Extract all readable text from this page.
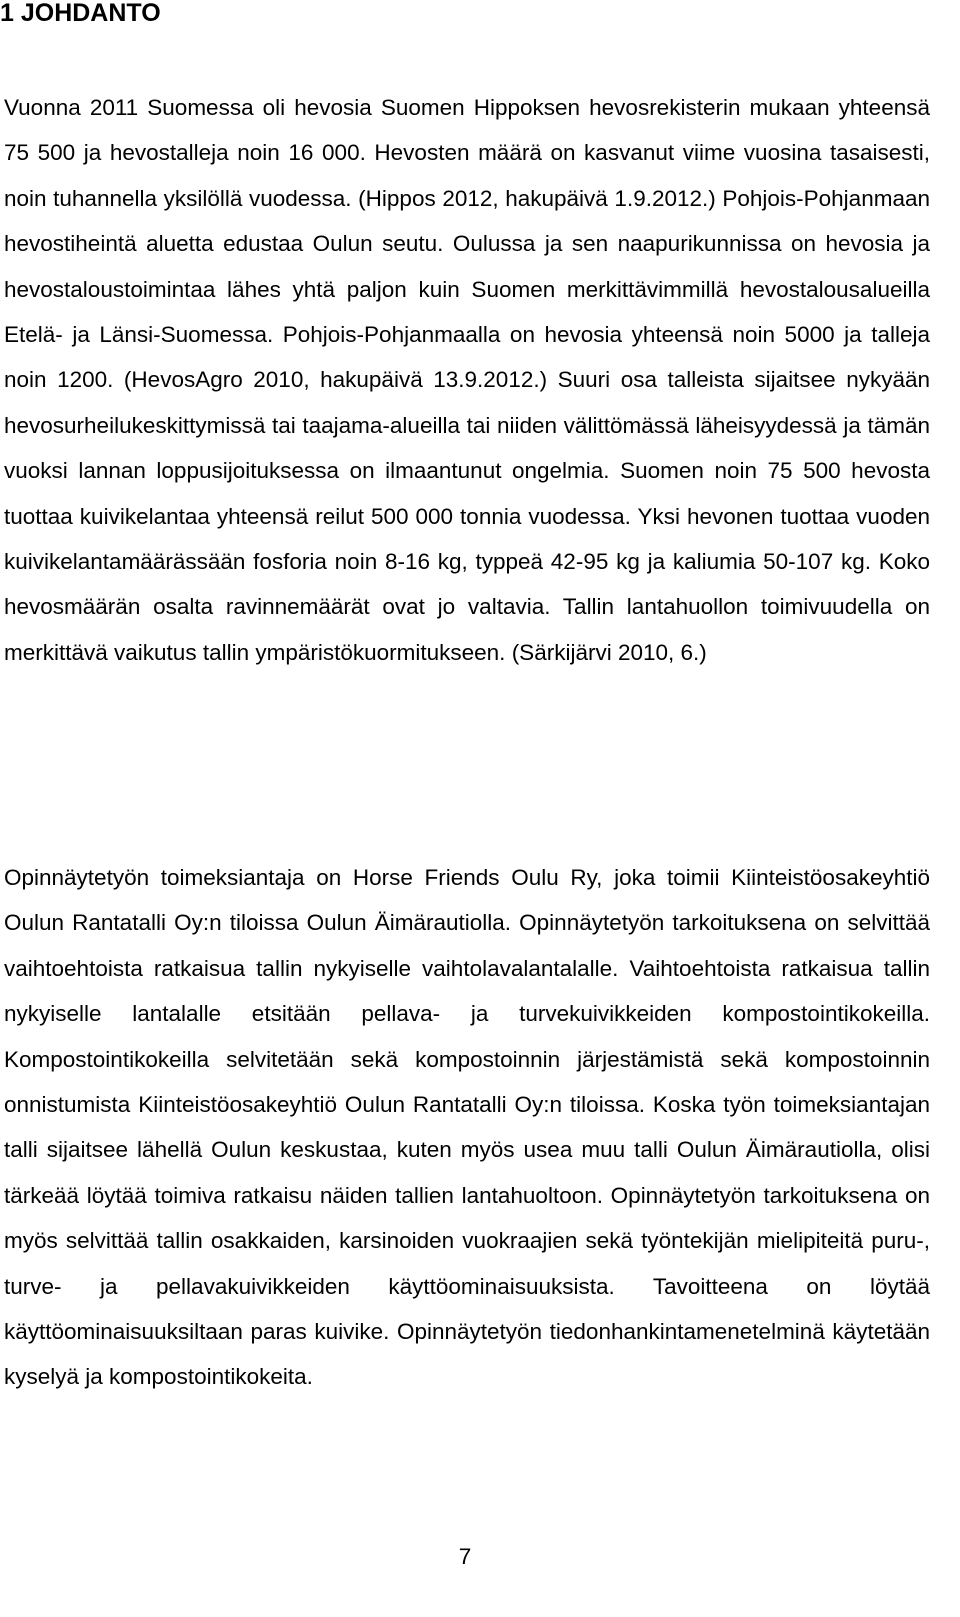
1 JOHDANTO

Vuonna 2011 Suomessa oli hevosia Suomen Hippoksen hevosrekisterin mukaan yhteensä 75 500 ja hevostalleja noin 16 000. Hevosten määrä on kasvanut viime vuosina tasaisesti, noin tuhannella yksilöllä vuodessa. (Hippos 2012, hakupäivä 1.9.2012.) Pohjois-Pohjanmaan hevostiheintä aluetta edustaa Oulun seutu. Oulussa ja sen naapurikunnissa on hevosia ja hevostaloustoimintaa lähes yhtä paljon kuin Suomen merkittävimmillä hevostalousalueilla Etelä- ja Länsi-Suomessa. Pohjois-Pohjanmaalla on hevosia yhteensä noin 5000 ja talleja noin 1200. (HevosAgro 2010, hakupäivä 13.9.2012.) Suuri osa talleista sijaitsee nykyään hevosurheilukeskittymissä tai taajama-alueilla tai niiden välittömässä läheisyydessä ja tämän vuoksi lannan loppusijoituksessa on ilmaantunut ongelmia. Suomen noin 75 500 hevosta tuottaa kuivikelantaa yhteensä reilut 500 000 tonnia vuodessa. Yksi hevonen tuottaa vuoden kuivikelantamäärässään fosforia noin 8-16 kg, typpeä 42-95 kg ja kaliumia 50-107 kg. Koko hevosmäärän osalta ravinnemäärät ovat jo valtavia. Tallin lantahuollon toimivuudella on merkittävä vaikutus tallin ympäristökuormitukseen. (Särkijärvi 2010, 6.)

Opinnäytetyön toimeksiantaja on Horse Friends Oulu Ry, joka toimii Kiinteistöosakeyhtiö Oulun Rantatalli Oy:n tiloissa Oulun Äimärautiolla. Opinnäytetyön tarkoituksena on selvittää vaihtoehtoista ratkaisua tallin nykyiselle vaihtolavalantalalle. Vaihtoehtoista ratkaisua tallin nykyiselle lantalalle etsitään pellava- ja turvekuivikkeiden kompostointikokeilla. Kompostointikokeilla selvitetään sekä kompostoinnin järjestämistä sekä kompostoinnin onnistumista Kiinteistöosakeyhtiö Oulun Rantatalli Oy:n tiloissa. Koska työn toimeksiantajan talli sijaitsee lähellä Oulun keskustaa, kuten myös usea muu talli Oulun Äimärautiolla, olisi tärkeää löytää toimiva ratkaisu näiden tallien lantahuoltoon. Opinnäytetyön tarkoituksena on myös selvittää tallin osakkaiden, karsinoiden vuokraajien sekä työntekijän mielipiteitä puru-, turve- ja pellavakuivikkeiden käyttöominaisuuksista. Tavoitteena on löytää käyttöominaisuuksiltaan paras kuivike. Opinnäytetyön tiedonhankintamenetelminä käytetään kyselyä ja kompostointikokeita.

7
